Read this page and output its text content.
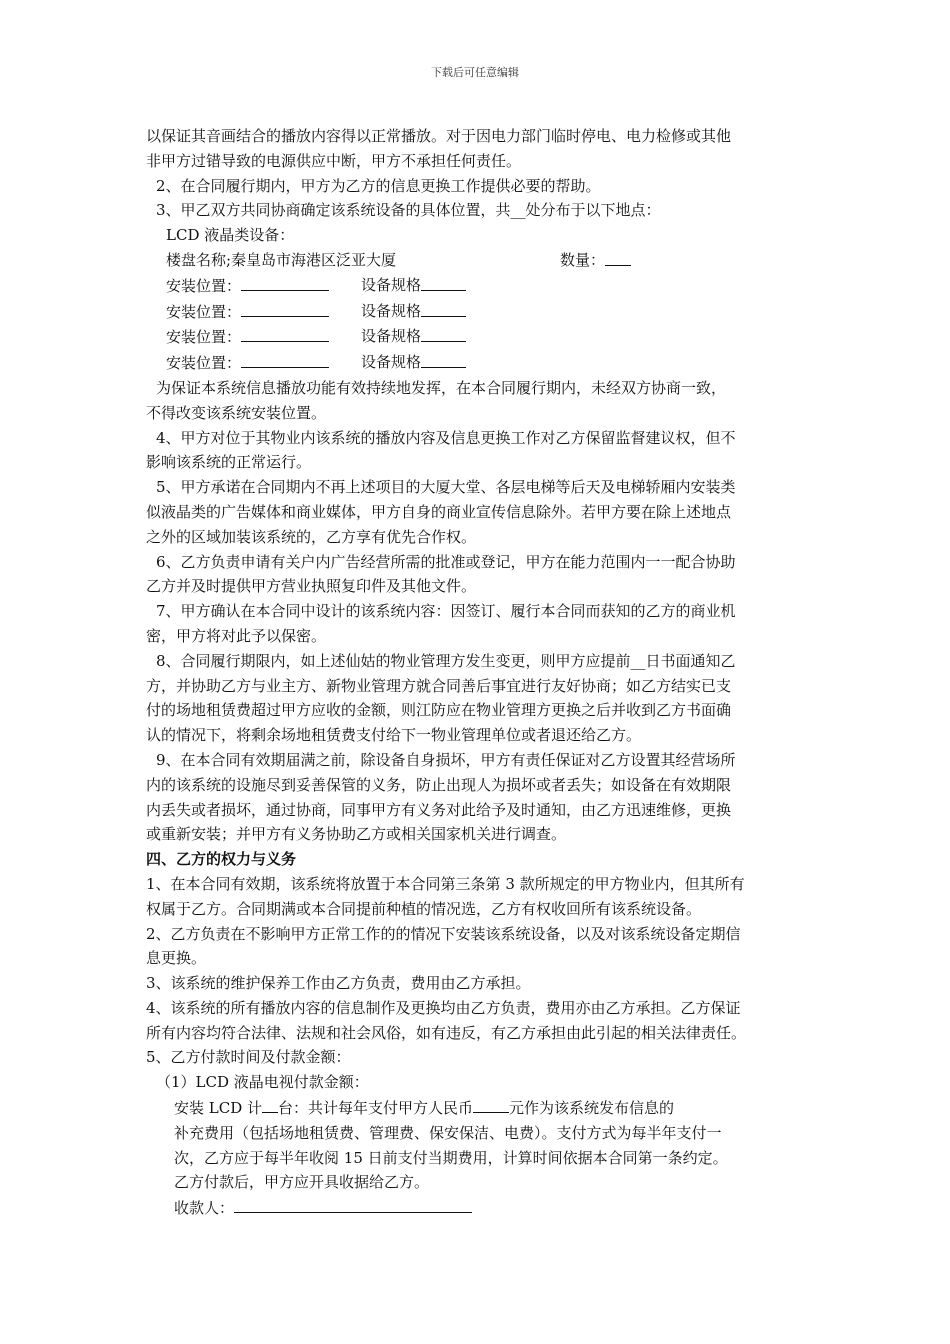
下载后可任意编辑

以保证其音画结合的播放内容得以正常播放。对于因电力部门临时停电、电力检修或其他

非甲方过错导致的电源供应中断，甲方不承担任何责任。

2、在合同履行期内，甲方为乙方的信息更换工作提供必要的帮助。

3、甲乙双方共同协商确定该系统设备的具体位置，共__处分布于以下地点：

LCD 液晶类设备：

楼盘名称;秦皇岛市海港区泛亚大厦	数量：
安装位置：	设备规格
安装位置：	设备规格
安装位置：	设备规格
安装位置：	设备规格

为保证本系统信息播放功能有效持续地发挥，在本合同履行期内，未经双方协商一致，

不得改变该系统安装位置。

4、甲方对位于其物业内该系统的播放内容及信息更换工作对乙方保留监督建议权，但不

影响该系统的正常运行。

5、甲方承诺在合同期内不再上述项目的大厦大堂、各层电梯等后天及电梯轿厢内安装类

似液晶类的广告媒体和商业媒体，甲方自身的商业宣传信息除外。若甲方要在除上述地点

之外的区域加装该系统的，乙方享有优先合作权。

6、乙方负责申请有关户内广告经营所需的批准或登记，甲方在能力范围内一一配合协助

乙方并及时提供甲方营业执照复印件及其他文件。

7、甲方确认在本合同中设计的该系统内容：因签订、履行本合同而获知的乙方的商业机

密，甲方将对此予以保密。

8、合同履行期限内，如上述仙姑的物业管理方发生变更，则甲方应提前__日书面通知乙

方，并协助乙方与业主方、新物业管理方就合同善后事宜进行友好协商；如乙方结实已支

付的场地租赁费超过甲方应收的金额，则江防应在物业管理方更换之后并收到乙方书面确

认的情况下，将剩余场地租赁费支付给下一物业管理单位或者退还给乙方。

9、在本合同有效期届满之前，除设备自身损坏，甲方有责任保证对乙方设置其经营场所

内的该系统的设施尽到妥善保管的义务，防止出现人为损坏或者丢失；如设备在有效期限

内丢失或者损坏，通过协商，同事甲方有义务对此给予及时通知，由乙方迅速维修，更换

或重新安装；并甲方有义务协助乙方或相关国家机关进行调查。

四、乙方的权力与义务

1、在本合同有效期，该系统将放置于本合同第三条第 3 款所规定的甲方物业内，但其所有

权属于乙方。合同期满或本合同提前种植的情况选，乙方有权收回所有该系统设备。

2、乙方负责在不影响甲方正常工作的的情况下安装该系统设备，以及对该系统设备定期信

息更换。

3、该系统的维护保养工作由乙方负责，费用由乙方承担。

4、该系统的所有播放内容的信息制作及更换均由乙方负责，费用亦由乙方承担。乙方保证

所有内容均符合法律、法规和社会风俗，如有违反，有乙方承担由此引起的相关法律责任。

5、乙方付款时间及付款金额：

（1）LCD 液晶电视付款金额：

安装 LCD 计 台：共计每年支付甲方人民币 元作为该系统发布信息的

补充费用（包括场地租赁费、管理费、保安保洁、电费）。支付方式为每半年支付一

次，乙方应于每半年收阅 15 日前支付当期费用，计算时间依据本合同第一条约定。

乙方付款后，甲方应开具收据给乙方。

收款人：
